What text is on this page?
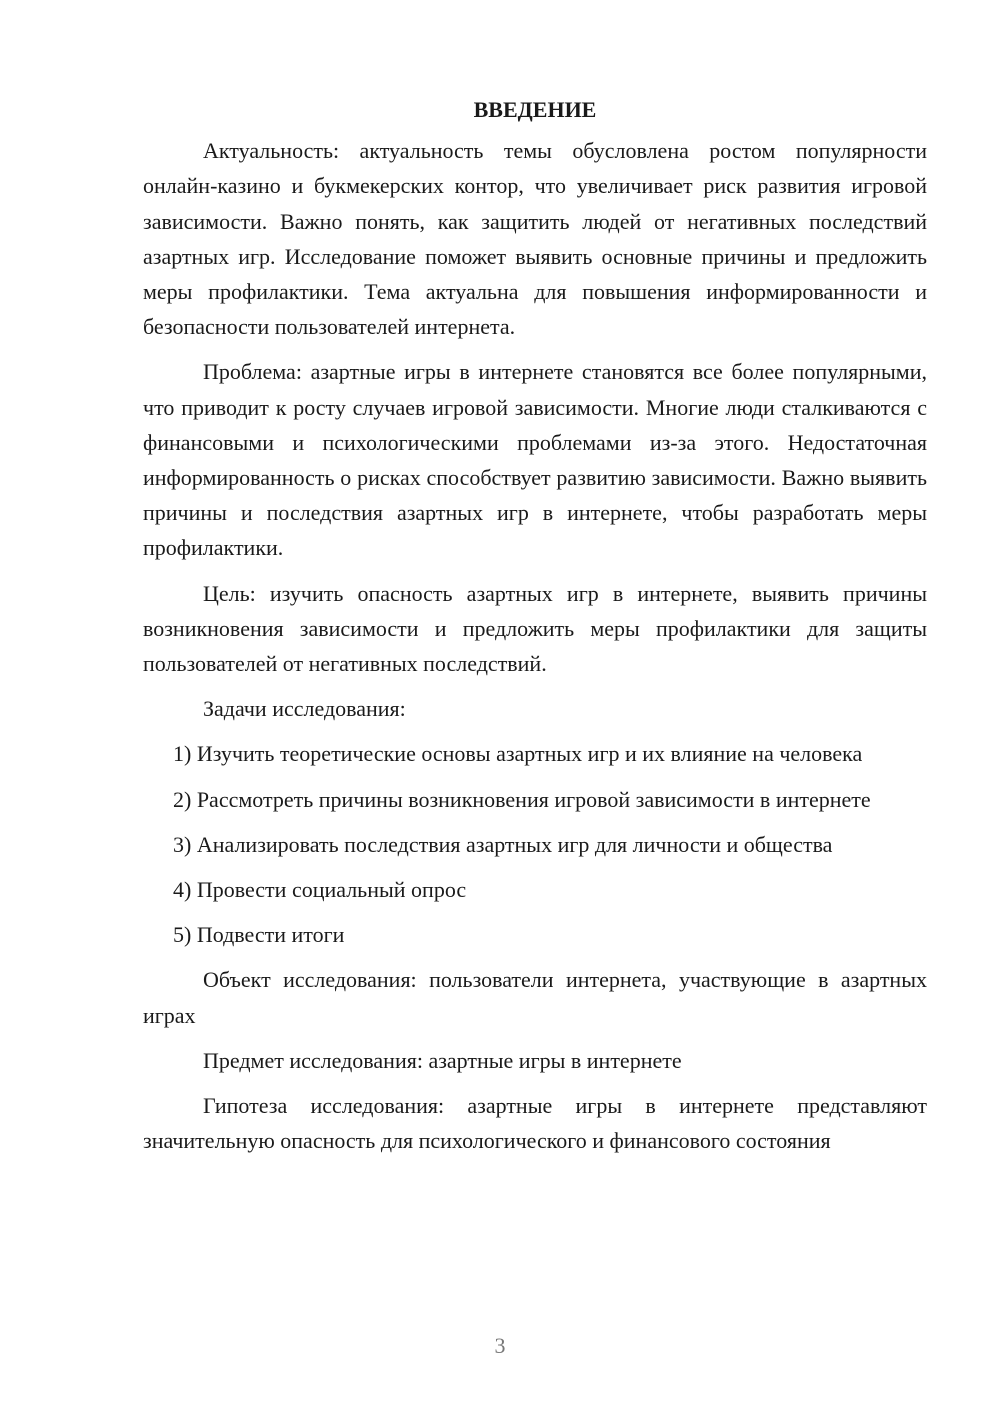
ВВЕДЕНИЕ

Актуальность: актуальность темы обусловлена ростом популярности онлайн-казино и букмекерских контор, что увеличивает риск развития игровой зависимости. Важно понять, как защитить людей от негативных последствий азартных игр. Исследование поможет выявить основные причины и предложить меры профилактики. Тема актуальна для повышения информированности и безопасности пользователей интернета.

Проблема: азартные игры в интернете становятся все более популярными, что приводит к росту случаев игровой зависимости. Многие люди сталкиваются с финансовыми и психологическими проблемами из-за этого. Недостаточная информированность о рисках способствует развитию зависимости. Важно выявить причины и последствия азартных игр в интернете, чтобы разработать меры профилактики.

Цель: изучить опасность азартных игр в интернете, выявить причины возникновения зависимости и предложить меры профилактики для защиты пользователей от негативных последствий.

Задачи исследования:

1) Изучить теоретические основы азартных игр и их влияние на человека

2) Рассмотреть причины возникновения игровой зависимости в интернете

3) Анализировать последствия азартных игр для личности и общества

4) Провести социальный опрос

5) Подвести итоги

Объект исследования: пользователи интернета, участвующие в азартных играх

Предмет исследования: азартные игры в интернете

Гипотеза исследования: азартные игры в интернете представляют значительную опасность для психологического и финансового состояния

3
